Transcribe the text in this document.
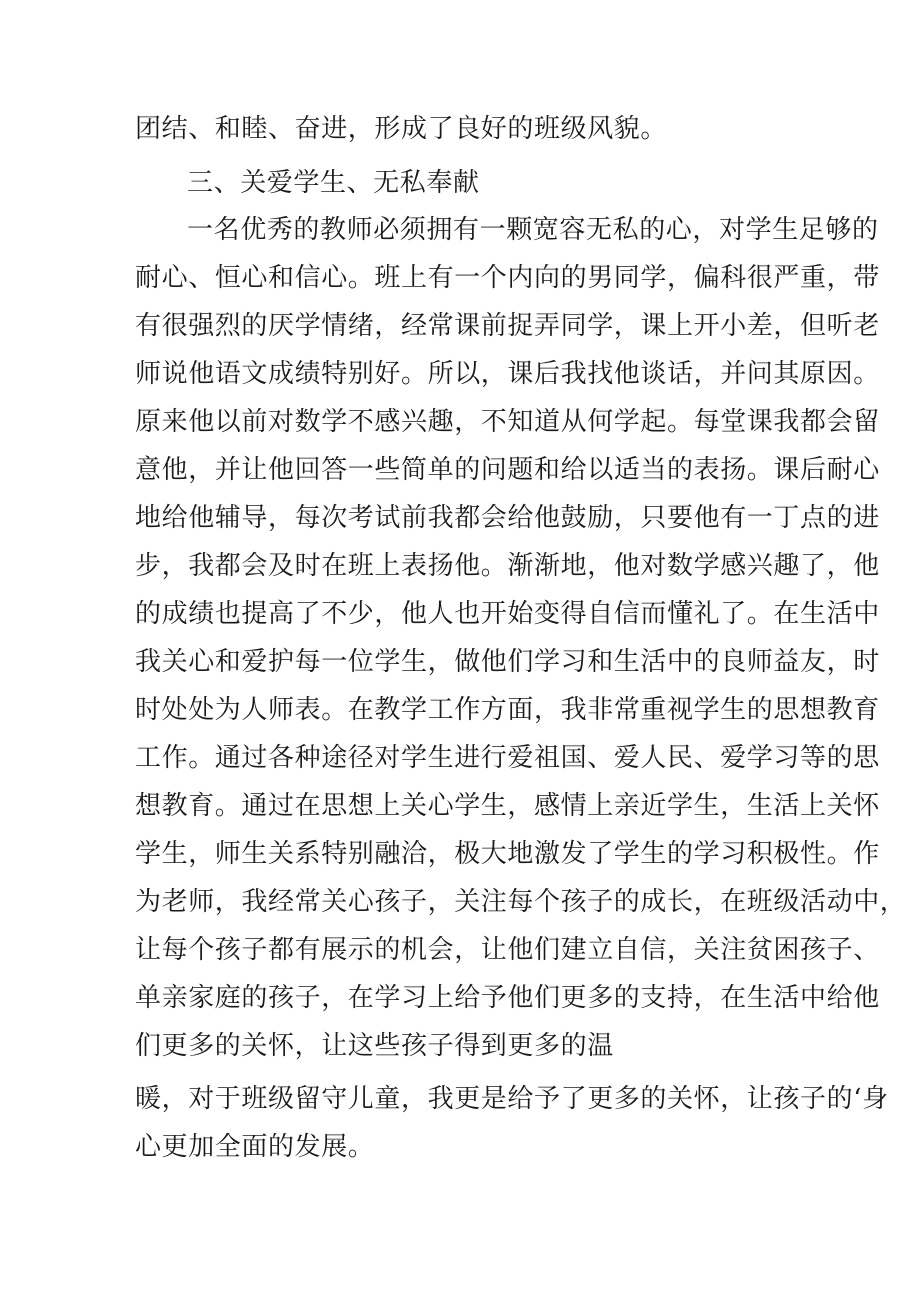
团结、和睦、奋进，形成了良好的班级风貌。

三、关爱学生、无私奉献

一名优秀的教师必须拥有一颗宽容无私的心，对学生足够的

耐心、恒心和信心。班上有一个内向的男同学，偏科很严重，带

有很强烈的厌学情绪，经常课前捉弄同学，课上开小差，但听老

师说他语文成绩特别好。所以，课后我找他谈话，并问其原因。

原来他以前对数学不感兴趣，不知道从何学起。每堂课我都会留

意他，并让他回答一些简单的问题和给以适当的表扬。课后耐心

地给他辅导，每次考试前我都会给他鼓励，只要他有一丁点的进

步，我都会及时在班上表扬他。渐渐地，他对数学感兴趣了，他

的成绩也提高了不少，他人也开始变得自信而懂礼了。在生活中

我关心和爱护每一位学生，做他们学习和生活中的良师益友，时

时处处为人师表。在教学工作方面，我非常重视学生的思想教育

工作。通过各种途径对学生进行爱祖国、爱人民、爱学习等的思

想教育。通过在思想上关心学生，感情上亲近学生，生活上关怀

学生，师生关系特别融洽，极大地激发了学生的学习积极性。作

为老师，我经常关心孩子，关注每个孩子的成长，在班级活动中，

让每个孩子都有展示的机会，让他们建立自信，关注贫困孩子、

单亲家庭的孩子，在学习上给予他们更多的支持，在生活中给他

们更多的关怀，让这些孩子得到更多的温

暖，对于班级留守儿童，我更是给予了更多的关怀，让孩子的‘身

心更加全面的发展。
